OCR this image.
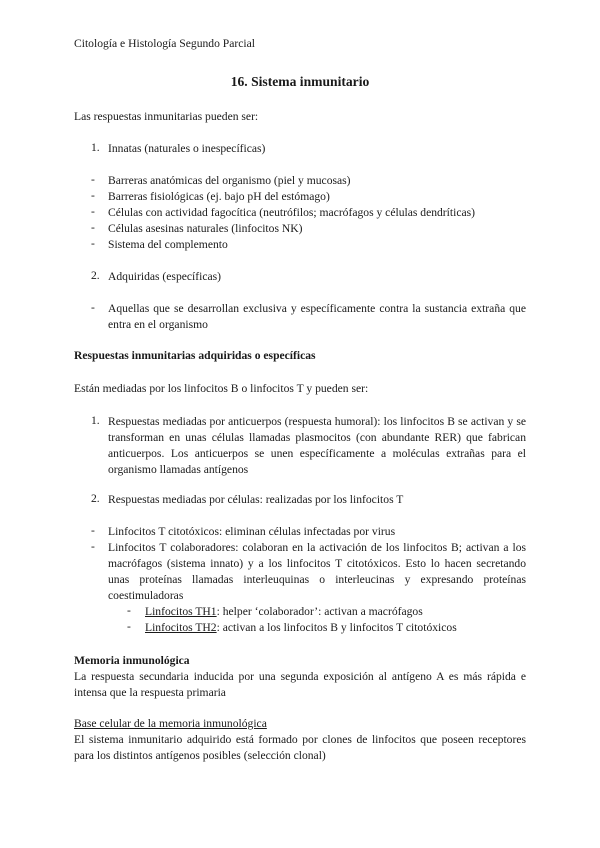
Citología e Histología Segundo Parcial
16. Sistema inmunitario
Las respuestas inmunitarias pueden ser:
1. Innatas (naturales o inespecíficas)
- Barreras anatómicas del organismo (piel y mucosas)
- Barreras fisiológicas (ej. bajo pH del estómago)
- Células con actividad fagocítica (neutrófilos; macrófagos y células dendríticas)
- Células asesinas naturales (linfocitos NK)
- Sistema del complemento
2. Adquiridas (específicas)
- Aquellas que se desarrollan exclusiva y específicamente contra la sustancia extraña que entra en el organismo
Respuestas inmunitarias adquiridas o específicas
Están mediadas por los linfocitos B o linfocitos T y pueden ser:
1. Respuestas mediadas por anticuerpos (respuesta humoral): los linfocitos B se activan y se transforman en unas células llamadas plasmocitos (con abundante RER) que fabrican anticuerpos. Los anticuerpos se unen específicamente a moléculas extrañas para el organismo llamadas antígenos
2. Respuestas mediadas por células: realizadas por los linfocitos T
- Linfocitos T citotóxicos: eliminan células infectadas por virus
- Linfocitos T colaboradores: colaboran en la activación de los linfocitos B; activan a los macrófagos (sistema innato) y a los linfocitos T citotóxicos. Esto lo hacen secretando unas proteínas llamadas interleuquinas o interleucinas y expresando proteínas coestimuladoras
- Linfocitos TH1: helper ‘colaborador’: activan a macrófagos
- Linfocitos TH2: activan a los linfocitos B y linfocitos T citotóxicos
Memoria inmunológica
La respuesta secundaria inducida por una segunda exposición al antígeno A es más rápida e intensa que la respuesta primaria
Base celular de la memoria inmunológica
El sistema inmunitario adquirido está formado por clones de linfocitos que poseen receptores para los distintos antígenos posibles (selección clonal)
